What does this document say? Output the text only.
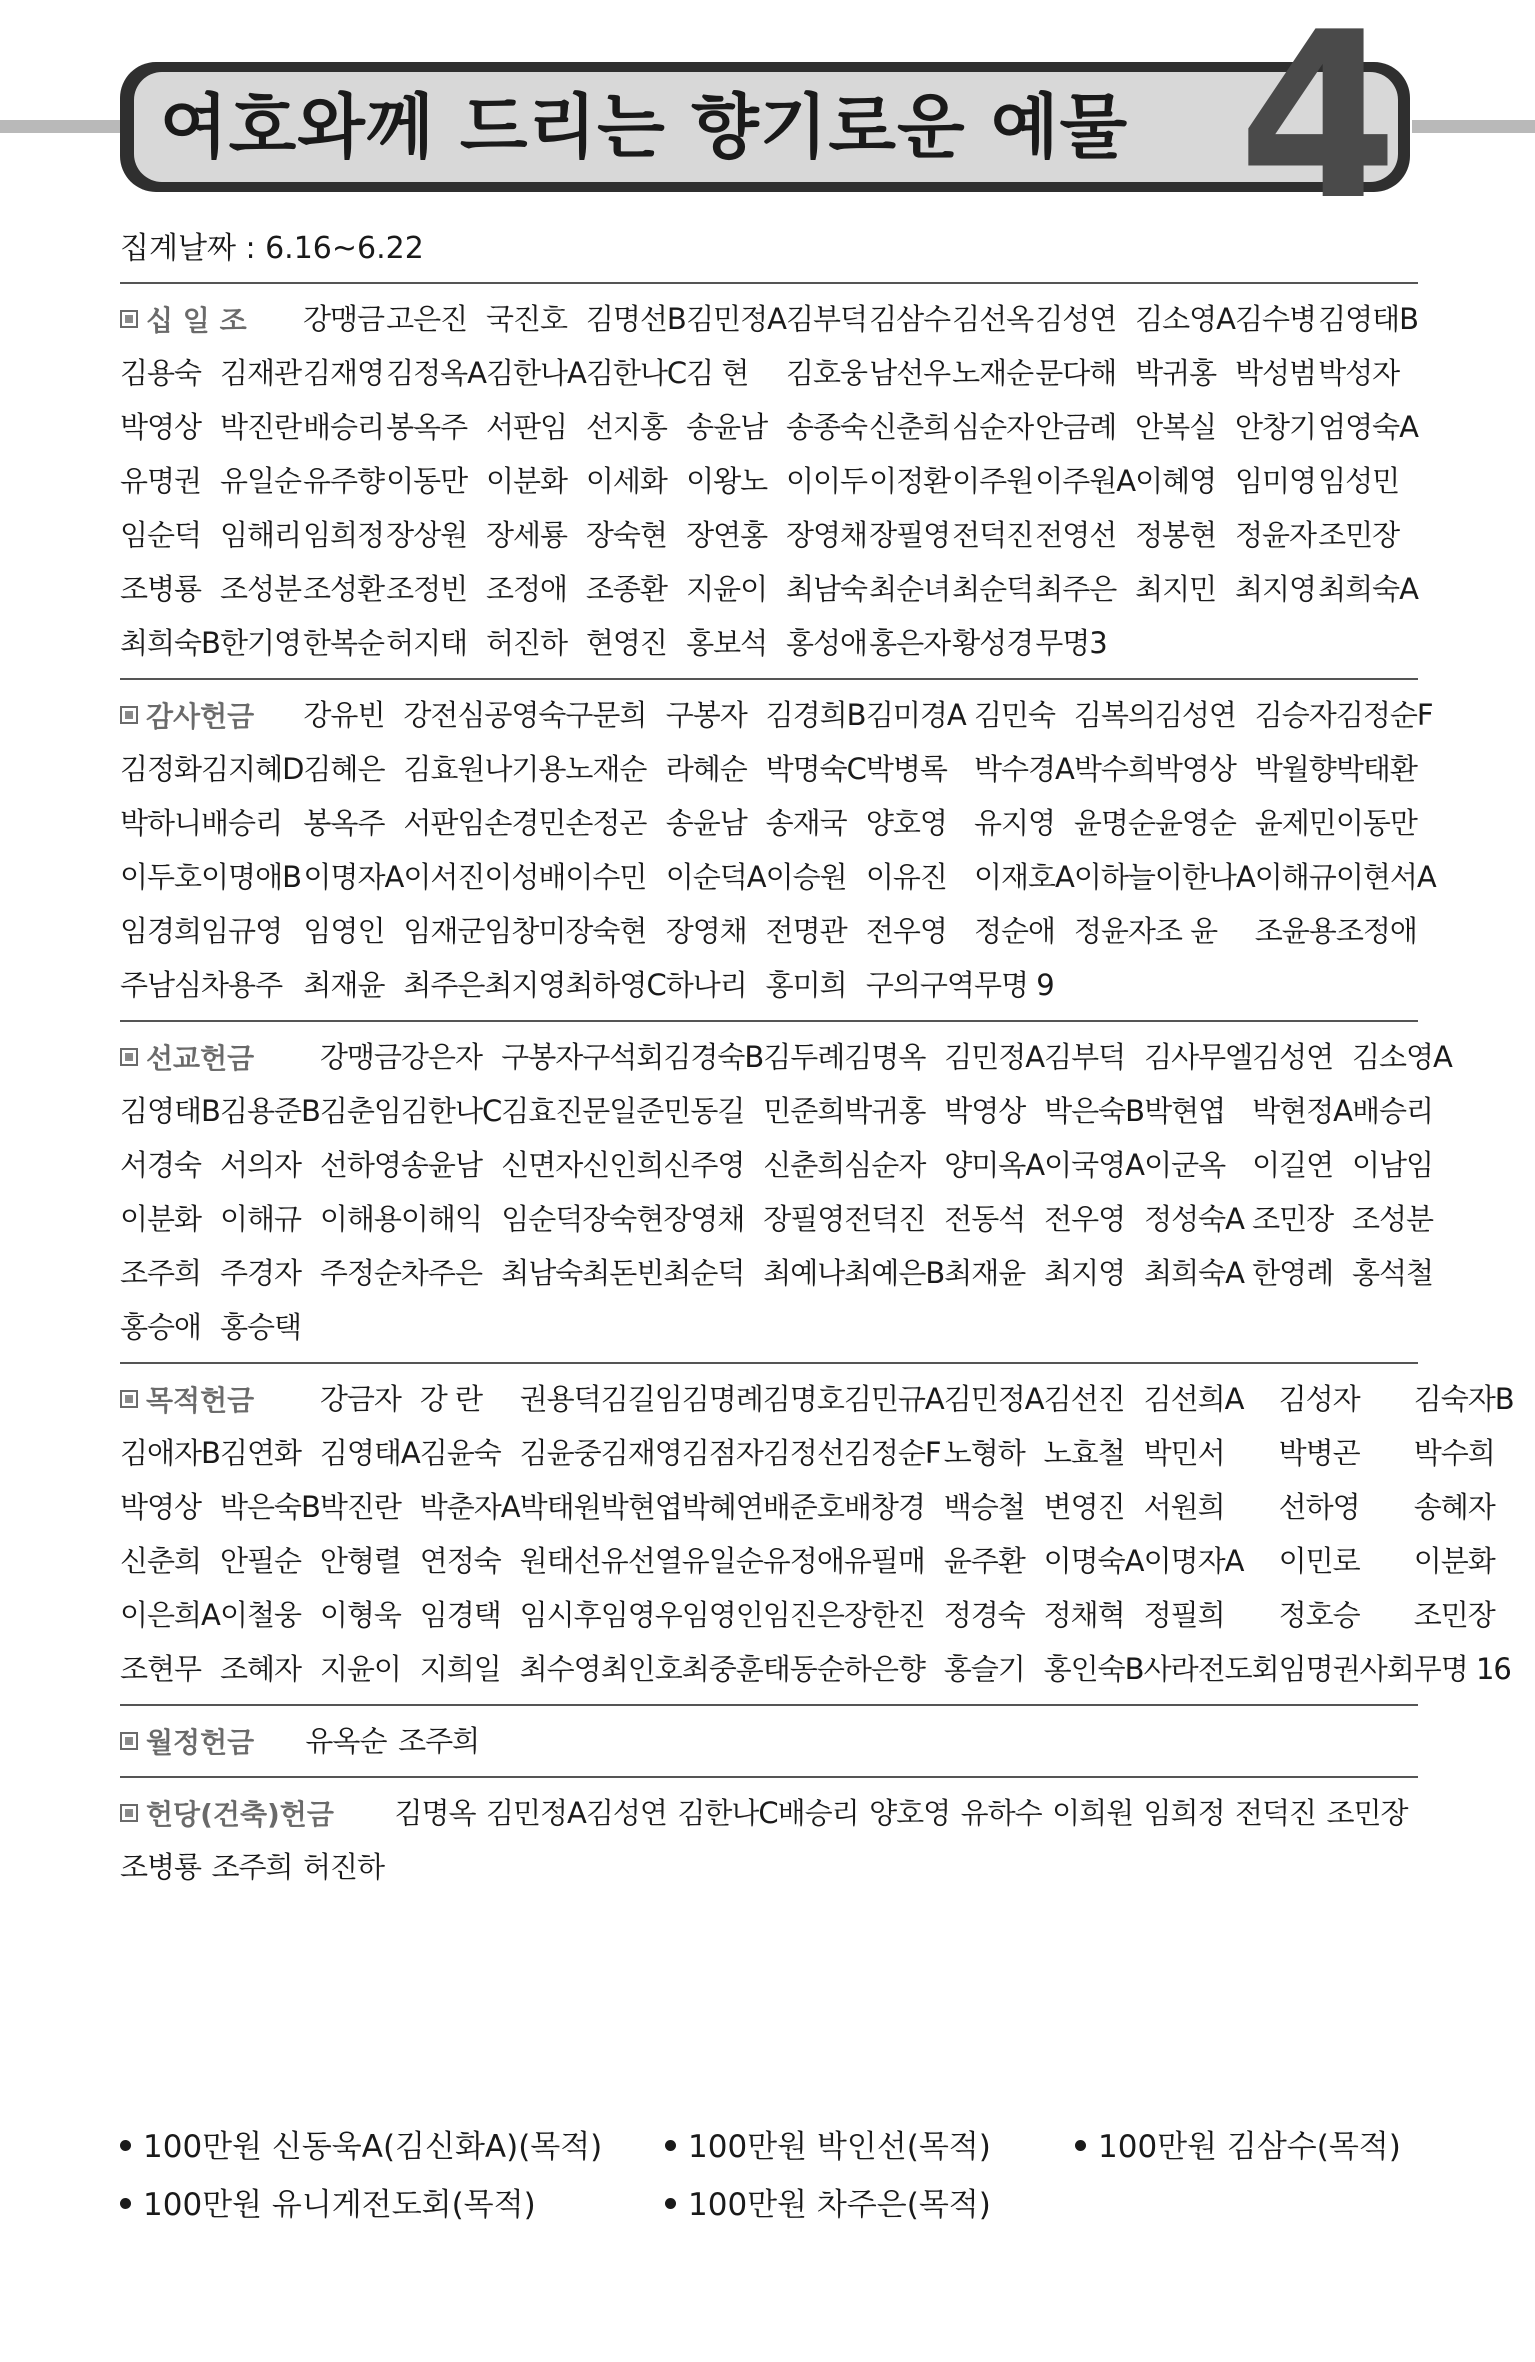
여호와께 드리는 향기로운 예물 4
집계날짜 : 6.16~6.22
십 일 조 강맹금 고은진 국진호 김명선B 김민정A 김부덕 김삼수 김선옥 김성연 김소영A 김수병 김영태B
김용숙 김재관 김재영 김정옥A 김한나A 김한나C 김 현	김호웅 남선우 노재순 문다해 박귀홍 박성범 박성자
박영상 박진란 배승리 봉옥주 서판임 선지홍 송윤남 송종숙 신춘희 심순자 안금례 안복실 안창기 엄영숙A
유명권 유일순 유주향 이동만 이분화 이세화 이왕노 이이두 이정환 이주원 이주원A 이혜영 임미영 임성민
임순덕 임해리 임희정 장상원 장세룡 장숙현 장연홍 장영채 장필영 전덕진 전영선 정봉현 정윤자 조민장
조병룡 조성분 조성환 조정빈 조정애 조종환 지윤이 최남숙 최순녀 최순덕 최주은 최지민 최지영 최희숙A
최희숙B 한기영 한복순 허지태 허진하 현영진 홍보석 홍성애 홍은자 황성경 무명3
감사헌금 강유빈 강전심 공영숙 구문희 구봉자 김경희B 김미경A 김민숙 김복의 김성연 김승자 김정순F
김정화 김지혜D 김혜은 김효원 나기용 노재순 라혜순 박명숙C 박병록 박수경A 박수희 박영상 박월향 박태환
박하니 배승리 봉옥주 서판임 손경민 손정곤 송윤남 송재국 양호영 유지영 윤명순 윤영순 윤제민 이동만
이두호 이명애B 이명자A 이서진 이성배 이수민 이순덕A 이승원 이유진 이재호A 이하늘 이한나A 이해규 이현서A
임경희 임규영 임영인 임재군 임창미 장숙현 장영채 전명관 전우영 정순애 정윤자 조 윤	조윤용 조정애
주남심 차용주 최재윤 최주은 최지영 최하영C 하나리 홍미희 구의구역 무명 9
선교헌금 강맹금 강은자 구봉자 구석회 김경숙B 김두례 김명옥 김민정A 김부덕 김사무엘 김성연 김소영A
김영태B 김용준B 김춘임 김한나C 김효진 문일준 민동길 민준희 박귀홍 박영상 박은숙B 박현엽 박현정A 배승리
서경숙 서의자 선하영 송윤남 신면자 신인희 신주영 신춘희 심순자 양미옥A 이국영A 이군옥 이길연 이남임
이분화 이해규 이해용 이해익 임순덕 장숙현 장영채 장필영 전덕진 전동석 전우영 정성숙A 조민장 조성분
조주희 주경자 주정순 차주은 최남숙 최돈빈 최순덕 최예나 최예은B 최재윤 최지영 최희숙A 한영례 홍석철
홍승애 홍승택
목적헌금 강금자 강 란	권용덕 김길임 김명례 김명호 김민규A 김민정A 김선진 김선희A	김성자	김숙자B
김애자B 김연화 김영태A 김윤숙 김윤중 김재영 김점자 김정선 김정순F 노형하 노효철 박민서	박병곤	박수희
박영상 박은숙B 박진란 박춘자A 박태원 박현엽 박혜연 배준호 배창경 백승철 변영진 서원희	선하영	송혜자
신춘희 안필순 안형렬 연정숙 원태선 유선열 유일순 유정애 유필매 윤주환 이명숙A 이명자A	이민로	이분화
이은희A 이철웅 이형욱 임경택 임시후 임영우 임영인 임진은 장한진 정경숙 정채혁 정필희	정호승	조민장
조현무 조혜자 지윤이 지희일 최수영 최인호 최중훈 태동순 하은향 홍슬기 홍인숙B 사라전도회 임명권사회 무명 16
월정헌금 유옥순 조주희
헌당(건축)헌금 김명옥 김민정A 김성연 김한나C 배승리 양호영 유하수 이희원 임희정 전덕진 조민장
조병룡 조주희 허진하
100만원 신동욱A(김신화A)(목적)	100만원 박인선(목적)	100만원 김삼수(목적)
100만원 유니게전도회(목적)	100만원 차주은(목적)
